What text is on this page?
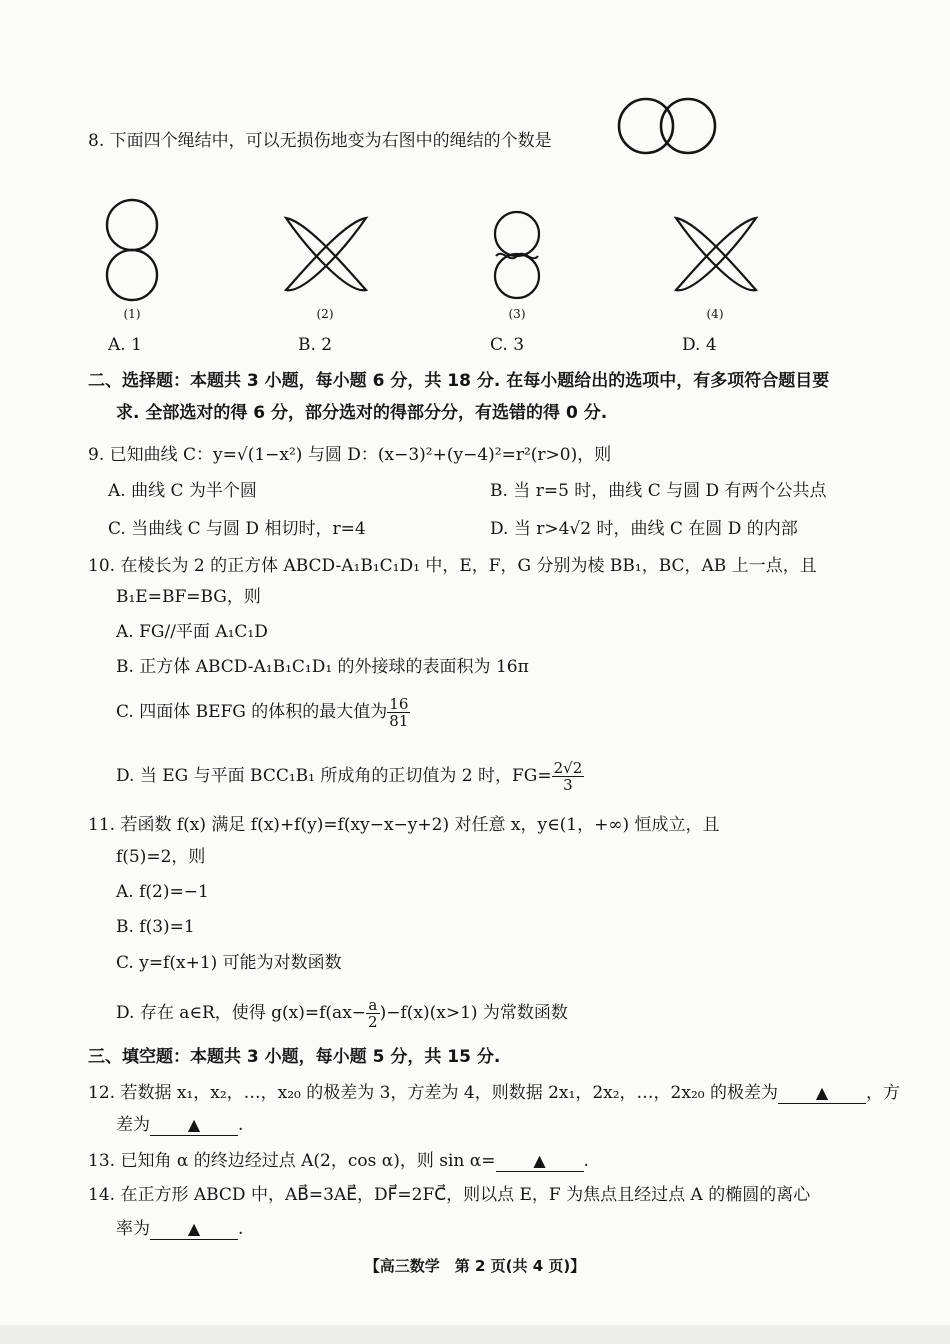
8. 下面四个绳结中，可以无损伤地变为右图中的绳结的个数是
(1)	(2)	(3)	(4)
A. 1	B. 2	C. 3	D. 4
二、选择题：本题共 3 小题，每小题 6 分，共 18 分. 在每小题给出的选项中，有多项符合题目要
求. 全部选对的得 6 分，部分选对的得部分分，有选错的得 0 分.
9. 已知曲线 C：y=√(1−x²) 与圆 D：(x−3)²+(y−4)²=r²(r>0)，则
A. 曲线 C 为半个圆	B. 当 r=5 时，曲线 C 与圆 D 有两个公共点
C. 当曲线 C 与圆 D 相切时，r=4	D. 当 r>4√2 时，曲线 C 在圆 D 的内部
10. 在棱长为 2 的正方体 ABCD-A₁B₁C₁D₁ 中，E，F，G 分别为棱 BB₁，BC，AB 上一点，且
B₁E=BF=BG，则
A. FG//平面 A₁C₁D
B. 正方体 ABCD-A₁B₁C₁D₁ 的外接球的表面积为 16π
C. 四面体 BEFG 的体积的最大值为 $\frac{16}{81}$
D. 当 EG 与平面 BCC₁B₁ 所成角的正切值为 2 时，$FG= \frac{2√2}{3}$
11. 若函数 f(x) 满足 f(x)+f(y)=f(xy−x−y+2) 对任意 x，y∈(1，+∞) 恒成立，且
f(5)=2，则
A. f(2)=−1
B. f(3)=1
C. y=f(x+1) 可能为对数函数
D. 存在 a∈R，使得 $g(x)=f(ax- \frac{a}{2} )-f(x)(x>1)$ 为常数函数
三、填空题：本题共 3 小题，每小题 5 分，共 15 分.
12. 若数据 x₁，x₂，…，x₂₀ 的极差为 3，方差为 4，则数据 2x₁，2x₂，…，2x₂₀ 的极差为 ▲ ，方
差为 ▲ .
13. 已知角 α 的终边经过点 A(2，cos α)，则 sin α= ▲ .
14. 在正方形 ABCD 中，AB⃗=3AE⃗，DF⃗=2FC⃗，则以点 E，F 为焦点且经过点 A 的椭圆的离心
率为 ▲ .
【高三数学　第 2 页(共 4 页)】
